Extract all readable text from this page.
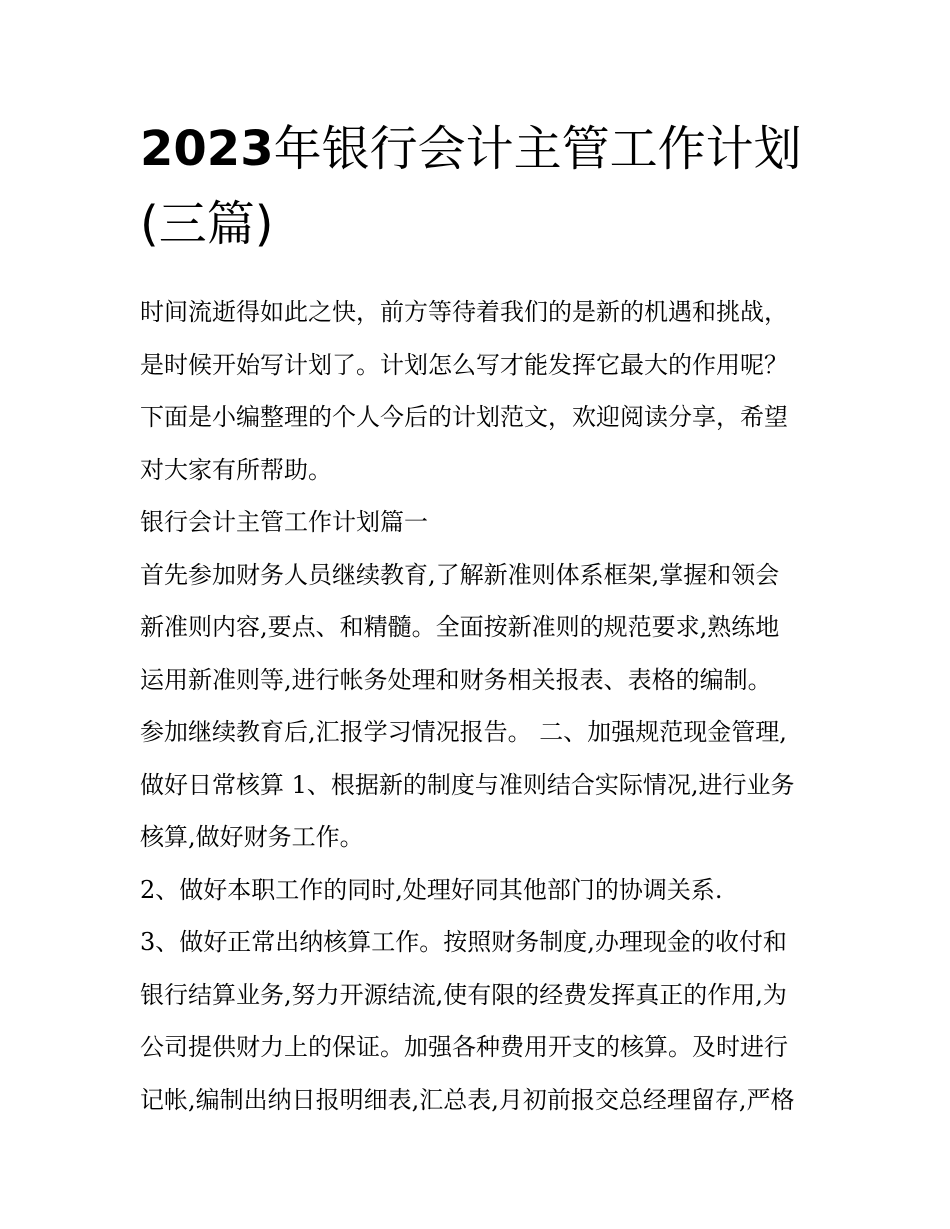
2023年银行会计主管工作计划
(三篇)

时间流逝得如此之快，前方等待着我们的是新的机遇和挑战，
是时候开始写计划了。计划怎么写才能发挥它最大的作用呢？
下面是小编整理的个人今后的计划范文，欢迎阅读分享，希望
对大家有所帮助。

银行会计主管工作计划篇一

首先参加财务人员继续教育,了解新准则体系框架,掌握和领会
新准则内容,要点、和精髓。全面按新准则的规范要求,熟练地
运用新准则等,进行帐务处理和财务相关报表、表格的编制。
参加继续教育后,汇报学习情况报告。 二、加强规范现金管理,
做好日常核算 1、根据新的制度与准则结合实际情况,进行业务
核算,做好财务工作。

2、做好本职工作的同时,处理好同其他部门的协调关系.

3、做好正常出纳核算工作。按照财务制度,办理现金的收付和
银行结算业务,努力开源结流,使有限的经费发挥真正的作用,为
公司提供财力上的保证。加强各种费用开支的核算。及时进行
记帐,编制出纳日报明细表,汇总表,月初前报交总经理留存,严格
